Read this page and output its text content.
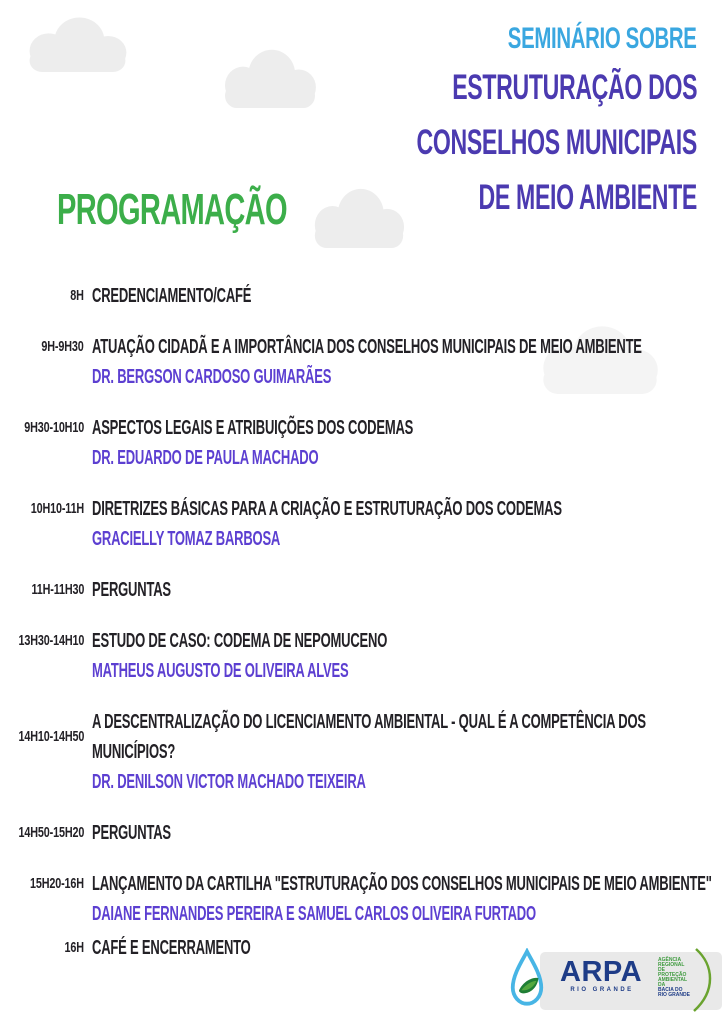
SEMINÁRIO SOBRE
ESTRUTURAÇÃO DOS
CONSELHOS MUNICIPAIS
DE MEIO AMBIENTE
PROGRAMAÇÃO
8H CREDENCIAMENTO/CAFÉ
9H-9H30 ATUAÇÃO CIDADÃ E A IMPORTÂNCIA DOS CONSELHOS MUNICIPAIS DE MEIO AMBIENTE
DR. BERGSON CARDOSO GUIMARÃES
9H30-10H10 ASPECTOS LEGAIS E ATRIBUIÇÕES DOS CODEMAS
DR. EDUARDO DE PAULA MACHADO
10H10-11H DIRETRIZES BÁSICAS PARA A CRIAÇÃO E ESTRUTURAÇÃO DOS CODEMAS
GRACIELLY TOMAZ BARBOSA
11H-11H30 PERGUNTAS
13H30-14H10 ESTUDO DE CASO: CODEMA DE NEPOMUCENO
MATHEUS AUGUSTO DE OLIVEIRA ALVES
14H10-14H50
A DESCENTRALIZAÇÃO DO LICENCIAMENTO AMBIENTAL - QUAL É A COMPETÊNCIA DOS MUNICÍPIOS?
DR. DENILSON VICTOR MACHADO TEIXEIRA
14H50-15H20 PERGUNTAS
15H20-16H LANÇAMENTO DA CARTILHA "ESTRUTURAÇÃO DOS CONSELHOS MUNICIPAIS DE MEIO AMBIENTE"
DAIANE FERNANDES PEREIRA E SAMUEL CARLOS OLIVEIRA FURTADO
16H CAFÉ E ENCERRAMENTO
ARPA
RIO GRANDE
AGÊNCIA
REGIONAL DE
PROTEÇÃO
AMBIENTAL DA
BACIA DO
RIO GRANDE
